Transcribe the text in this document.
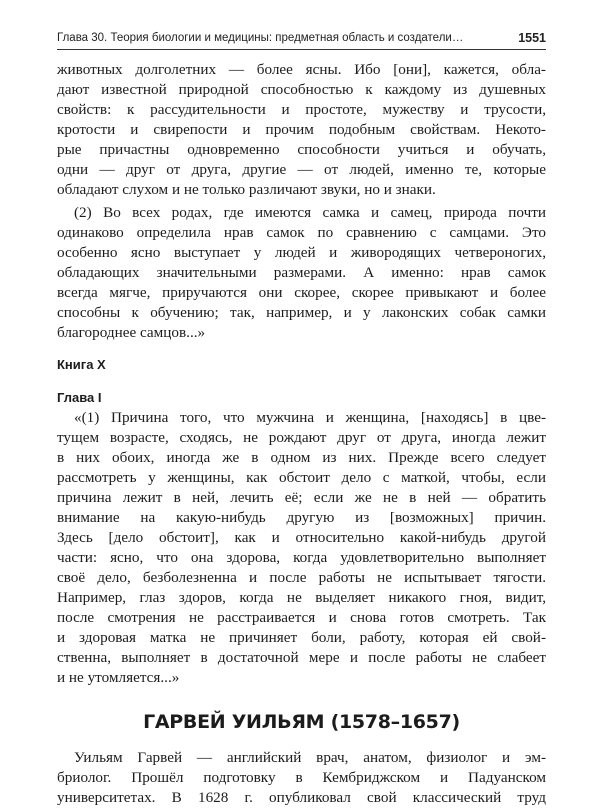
Глава 30. Теория биологии и медицины: предметная область и создатели…	1551
животных долголетних — более ясны. Ибо [они], кажется, обла-
дают известной природной способностью к каждому из душевных
свойств: к рассудительности и простоте, мужеству и трусости,
кротости и свирепости и прочим подобным свойствам. Некото-
рые причастны одновременно способности учиться и обучать,
одни — друг от друга, другие — от людей, именно те, которые
обладают слухом и не только различают звуки, но и знаки.
(2) Во всех родах, где имеются самка и самец, природа почти
одинаково определила нрав самок по сравнению с самцами. Это
особенно ясно выступает у людей и живородящих четвероногих,
обладающих значительными размерами. А именно: нрав самок
всегда мягче, приручаются они скорее, скорее привыкают и более
способны к обучению; так, например, и у лаконских собак самки
благороднее самцов...»
Книга X
Глава I
«(1) Причина того, что мужчина и женщина, [находясь] в цве-
тущем возрасте, сходясь, не рождают друг от друга, иногда лежит
в них обоих, иногда же в одном из них. Прежде всего следует
рассмотреть у женщины, как обстоит дело с маткой, чтобы, если
причина лежит в ней, лечить её; если же не в ней — обратить
внимание на какую-нибудь другую из [возможных] причин.
Здесь [дело обстоит], как и относительно какой-нибудь другой
части: ясно, что она здорова, когда удовлетворительно выполняет
своё дело, безболезненна и после работы не испытывает тягости.
Например, глаз здоров, когда не выделяет никакого гноя, видит,
после смотрения не расстраивается и снова готов смотреть. Так
и здоровая матка не причиняет боли, работу, которая ей свой-
ственна, выполняет в достаточной мере и после работы не слабеет
и не утомляется...»
ГАРВЕЙ УИЛЬЯМ (1578–1657)
Уильям Гарвей — английский врач, анатом, физиолог и эм-
бриолог. Прошёл подготовку в Кембриджском и Падуанском
университетах. В 1628 г. опубликовал свой классический труд
